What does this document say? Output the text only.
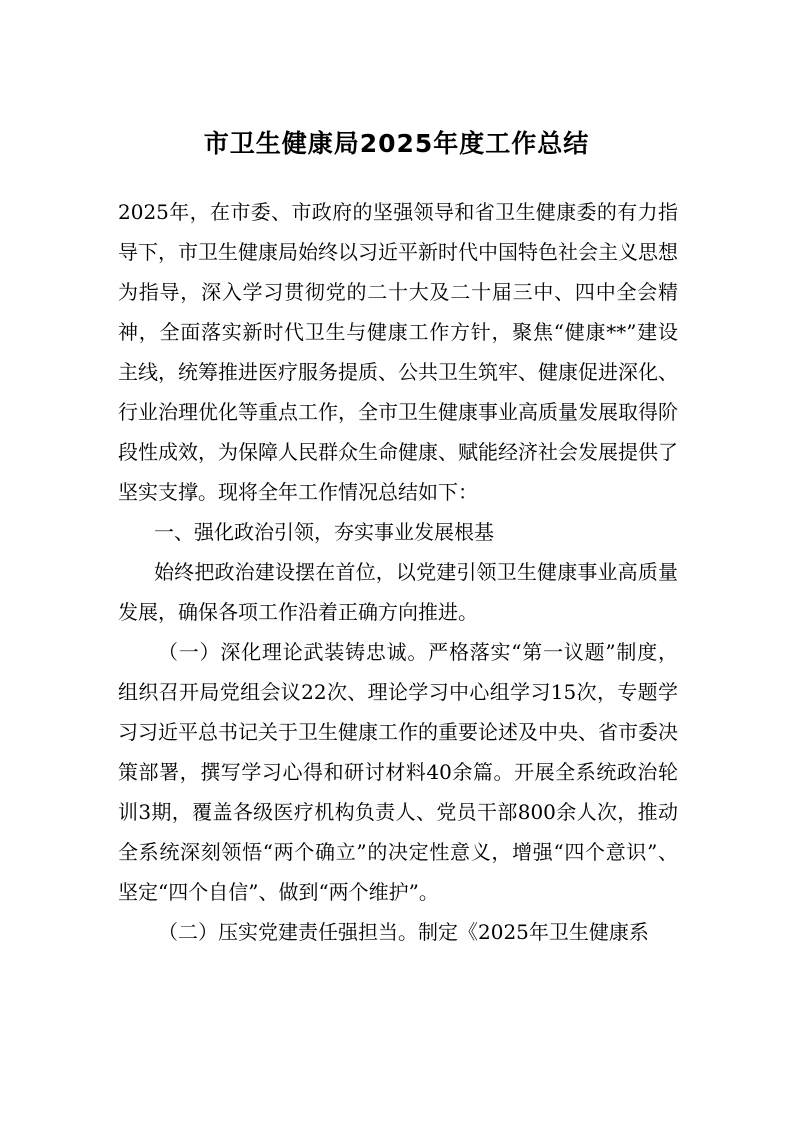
市卫生健康局2025年度工作总结

2025年，在市委、市政府的坚强领导和省卫生健康委的有力指导下，市卫生健康局始终以习近平新时代中国特色社会主义思想为指导，深入学习贯彻党的二十大及二十届三中、四中全会精神，全面落实新时代卫生与健康工作方针，聚焦“健康**”建设主线，统筹推进医疗服务提质、公共卫生筑牢、健康促进深化、行业治理优化等重点工作，全市卫生健康事业高质量发展取得阶段性成效，为保障人民群众生命健康、赋能经济社会发展提供了坚实支撑。现将全年工作情况总结如下：

一、强化政治引领，夯实事业发展根基

始终把政治建设摆在首位，以党建引领卫生健康事业高质量发展，确保各项工作沿着正确方向推进。

（一）深化理论武装铸忠诚。严格落实“第一议题”制度，组织召开局党组会议22次、理论学习中心组学习15次，专题学习习近平总书记关于卫生健康工作的重要论述及中央、省市委决策部署，撰写学习心得和研讨材料40余篇。开展全系统政治轮训3期，覆盖各级医疗机构负责人、党员干部800余人次，推动全系统深刻领悟“两个确立”的决定性意义，增强“四个意识”、坚定“四个自信”、做到“两个维护”。

（二）压实党建责任强担当。制定《2025年卫生健康系
